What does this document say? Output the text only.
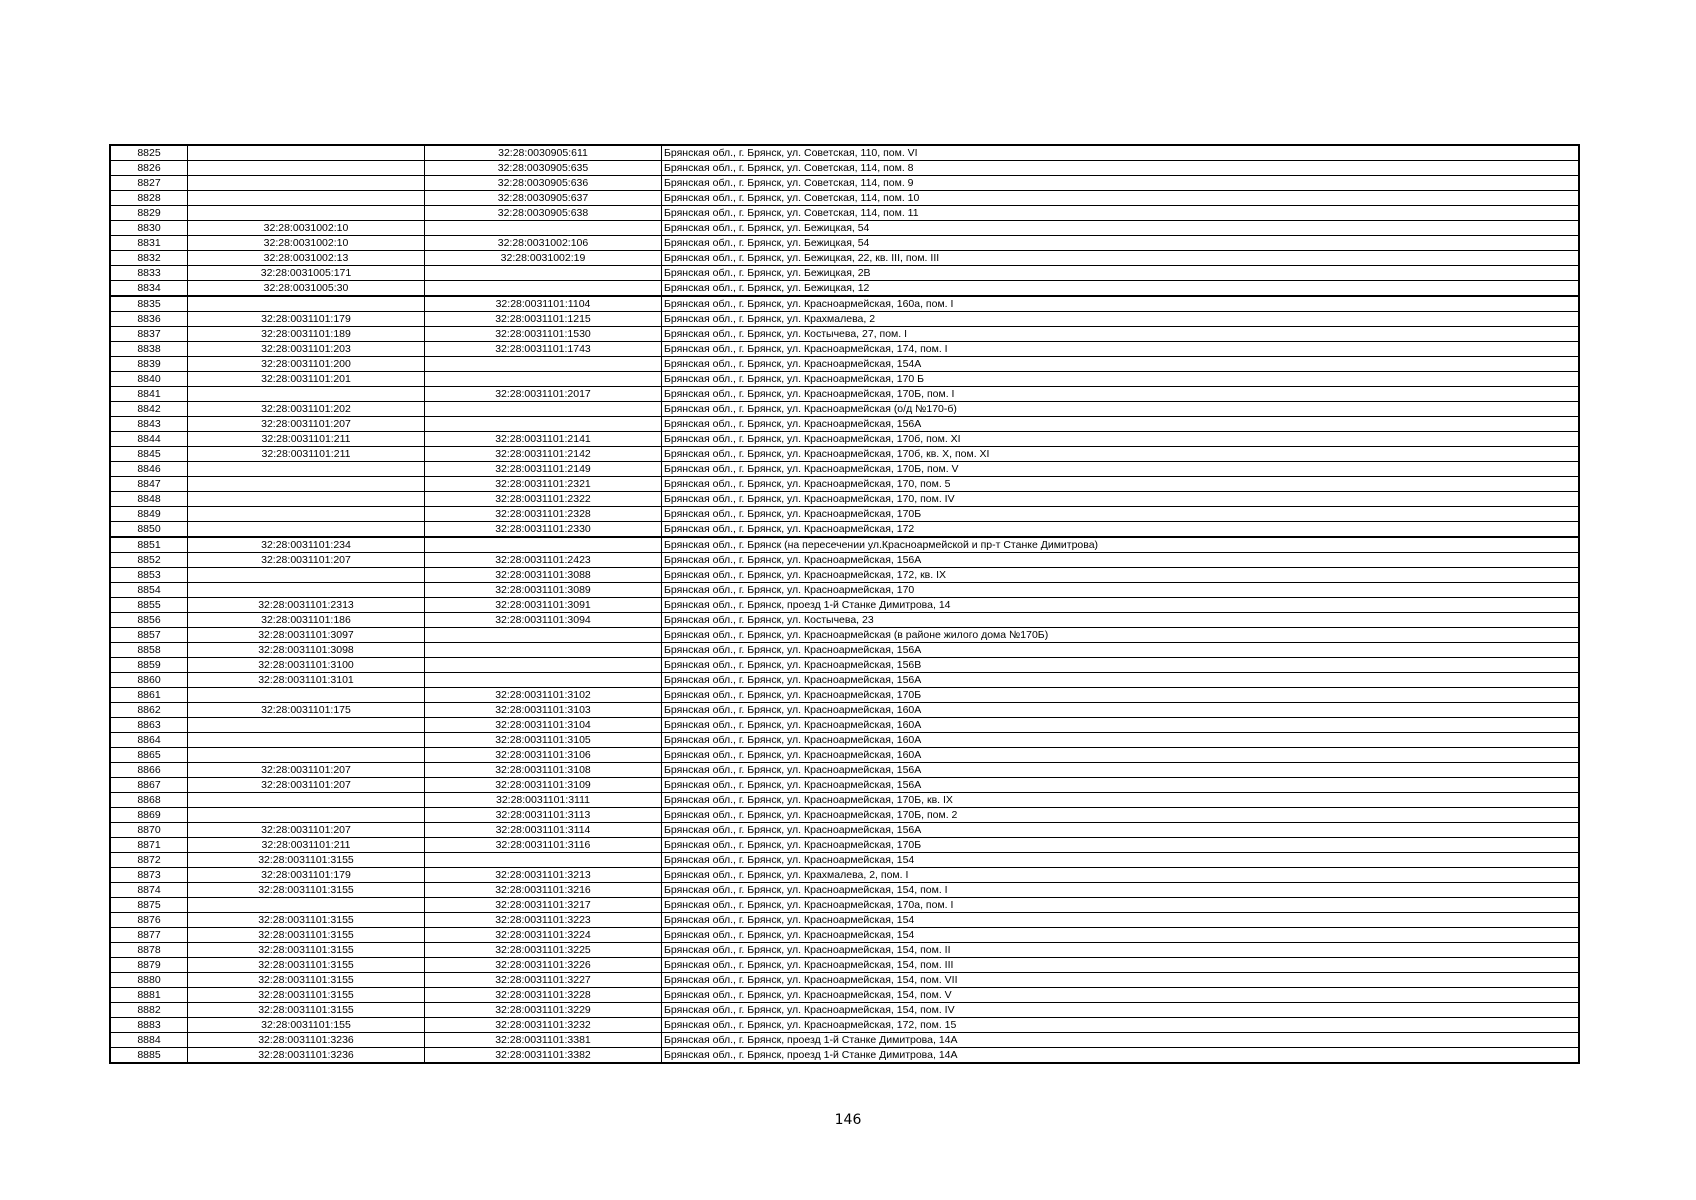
8825		32:28:0030905:611	Брянская обл., г. Брянск, ул. Советская, 110, пом. VI
8826		32:28:0030905:635	Брянская обл., г. Брянск, ул. Советская, 114, пом. 8
8827		32:28:0030905:636	Брянская обл., г. Брянск, ул. Советская, 114, пом. 9
8828		32:28:0030905:637	Брянская обл., г. Брянск, ул. Советская, 114, пом. 10
8829		32:28:0030905:638	Брянская обл., г. Брянск, ул. Советская, 114, пом. 11
8830	32:28:0031002:10		Брянская обл., г. Брянск, ул. Бежицкая, 54
8831	32:28:0031002:10	32:28:0031002:106	Брянская обл., г. Брянск, ул. Бежицкая, 54
8832	32:28:0031002:13	32:28:0031002:19	Брянская обл., г. Брянск, ул. Бежицкая, 22, кв. III, пом. III
8833	32:28:0031005:171		Брянская обл., г. Брянск, ул. Бежицкая, 2В
8834	32:28:0031005:30		Брянская обл., г. Брянск, ул. Бежицкая, 12
8835		32:28:0031101:1104	Брянская обл., г. Брянск, ул. Красноармейская, 160а, пом. I
8836	32:28:0031101:179	32:28:0031101:1215	Брянская обл., г. Брянск, ул. Крахмалева, 2
8837	32:28:0031101:189	32:28:0031101:1530	Брянская обл., г. Брянск, ул. Костычева, 27, пом. I
8838	32:28:0031101:203	32:28:0031101:1743	Брянская обл., г. Брянск, ул. Красноармейская, 174, пом. I
8839	32:28:0031101:200		Брянская обл., г. Брянск, ул. Красноармейская, 154А
8840	32:28:0031101:201		Брянская обл., г. Брянск, ул. Красноармейская, 170 Б
8841		32:28:0031101:2017	Брянская обл., г. Брянск, ул. Красноармейская, 170Б, пом. I
8842	32:28:0031101:202		Брянская обл., г. Брянск, ул. Красноармейская (о/д №170-б)
8843	32:28:0031101:207		Брянская обл., г. Брянск, ул. Красноармейская, 156А
8844	32:28:0031101:211	32:28:0031101:2141	Брянская обл., г. Брянск, ул. Красноармейская, 170б, пом. XI
8845	32:28:0031101:211	32:28:0031101:2142	Брянская обл., г. Брянск, ул. Красноармейская, 170б, кв. X, пом. XI
8846		32:28:0031101:2149	Брянская обл., г. Брянск, ул. Красноармейская, 170Б, пом. V
8847		32:28:0031101:2321	Брянская обл., г. Брянск, ул. Красноармейская, 170, пом. 5
8848		32:28:0031101:2322	Брянская обл., г. Брянск, ул. Красноармейская, 170, пом. IV
8849		32:28:0031101:2328	Брянская обл., г. Брянск, ул. Красноармейская, 170Б
8850		32:28:0031101:2330	Брянская обл., г. Брянск, ул. Красноармейская, 172
8851	32:28:0031101:234		Брянская обл., г. Брянск (на пересечении ул.Красноармейской и пр-т Станке Димитрова)
8852	32:28:0031101:207	32:28:0031101:2423	Брянская обл., г. Брянск, ул. Красноармейская, 156А
8853		32:28:0031101:3088	Брянская обл., г. Брянск, ул. Красноармейская, 172, кв. IX
8854		32:28:0031101:3089	Брянская обл., г. Брянск, ул. Красноармейская, 170
8855	32:28:0031101:2313	32:28:0031101:3091	Брянская обл., г. Брянск, проезд 1-й Станке Димитрова, 14
8856	32:28:0031101:186	32:28:0031101:3094	Брянская обл., г. Брянск, ул. Костычева, 23
8857	32:28:0031101:3097		Брянская обл., г. Брянск, ул. Красноармейская (в районе жилого дома №170Б)
8858	32:28:0031101:3098		Брянская обл., г. Брянск, ул. Красноармейская, 156А
8859	32:28:0031101:3100		Брянская обл., г. Брянск, ул. Красноармейская, 156В
8860	32:28:0031101:3101		Брянская обл., г. Брянск, ул. Красноармейская, 156А
8861		32:28:0031101:3102	Брянская обл., г. Брянск, ул. Красноармейская, 170Б
8862	32:28:0031101:175	32:28:0031101:3103	Брянская обл., г. Брянск, ул. Красноармейская, 160А
8863		32:28:0031101:3104	Брянская обл., г. Брянск, ул. Красноармейская, 160А
8864		32:28:0031101:3105	Брянская обл., г. Брянск, ул. Красноармейская, 160А
8865		32:28:0031101:3106	Брянская обл., г. Брянск, ул. Красноармейская, 160А
8866	32:28:0031101:207	32:28:0031101:3108	Брянская обл., г. Брянск, ул. Красноармейская, 156А
8867	32:28:0031101:207	32:28:0031101:3109	Брянская обл., г. Брянск, ул. Красноармейская, 156А
8868		32:28:0031101:3111	Брянская обл., г. Брянск, ул. Красноармейская, 170Б, кв. IX
8869		32:28:0031101:3113	Брянская обл., г. Брянск, ул. Красноармейская, 170Б, пом. 2
8870	32:28:0031101:207	32:28:0031101:3114	Брянская обл., г. Брянск, ул. Красноармейская, 156А
8871	32:28:0031101:211	32:28:0031101:3116	Брянская обл., г. Брянск, ул. Красноармейская, 170Б
8872	32:28:0031101:3155		Брянская обл., г. Брянск, ул. Красноармейская, 154
8873	32:28:0031101:179	32:28:0031101:3213	Брянская обл., г. Брянск, ул. Крахмалева, 2, пом. I
8874	32:28:0031101:3155	32:28:0031101:3216	Брянская обл., г. Брянск, ул. Красноармейская, 154, пом. I
8875		32:28:0031101:3217	Брянская обл., г. Брянск, ул. Красноармейская, 170а, пом. I
8876	32:28:0031101:3155	32:28:0031101:3223	Брянская обл., г. Брянск, ул. Красноармейская, 154
8877	32:28:0031101:3155	32:28:0031101:3224	Брянская обл., г. Брянск, ул. Красноармейская, 154
8878	32:28:0031101:3155	32:28:0031101:3225	Брянская обл., г. Брянск, ул. Красноармейская, 154, пом. II
8879	32:28:0031101:3155	32:28:0031101:3226	Брянская обл., г. Брянск, ул. Красноармейская, 154, пом. III
8880	32:28:0031101:3155	32:28:0031101:3227	Брянская обл., г. Брянск, ул. Красноармейская, 154, пом. VII
8881	32:28:0031101:3155	32:28:0031101:3228	Брянская обл., г. Брянск, ул. Красноармейская, 154, пом. V
8882	32:28:0031101:3155	32:28:0031101:3229	Брянская обл., г. Брянск, ул. Красноармейская, 154, пом. IV
8883	32:28:0031101:155	32:28:0031101:3232	Брянская обл., г. Брянск, ул. Красноармейская, 172, пом. 15
8884	32:28:0031101:3236	32:28:0031101:3381	Брянская обл., г. Брянск, проезд 1-й Станке Димитрова, 14А
8885	32:28:0031101:3236	32:28:0031101:3382	Брянская обл., г. Брянск, проезд 1-й Станке Димитрова, 14А
146
